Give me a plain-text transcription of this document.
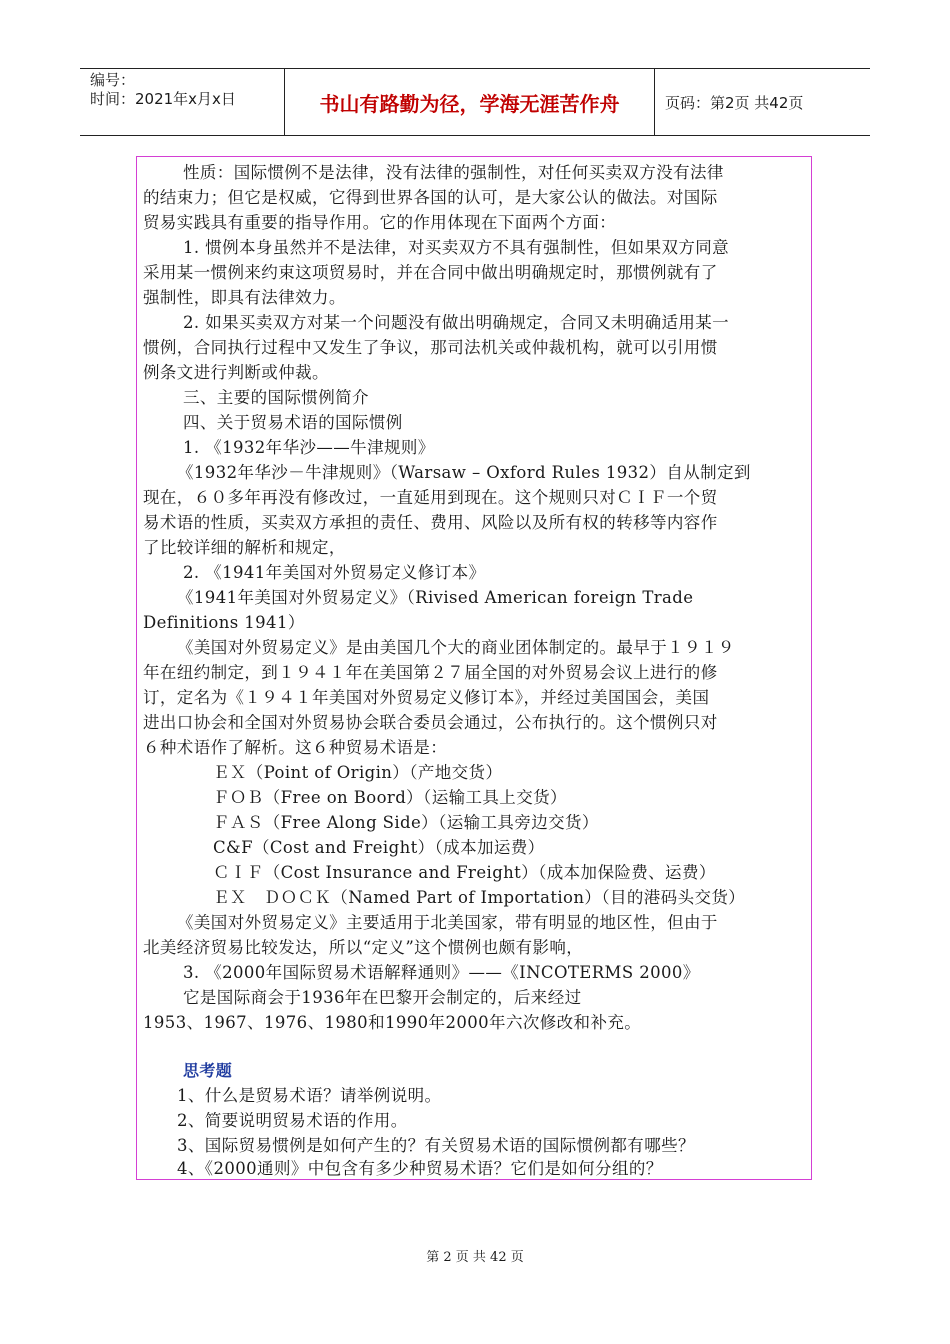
编号：
时间：2021年x月x日	书山有路勤为径，学海无涯苦作舟	页码：第2页 共42页
性质：国际惯例不是法律，没有法律的强制性，对任何买卖双方没有法律
的结束力；但它是权威，它得到世界各国的认可，是大家公认的做法。对国际
贸易实践具有重要的指导作用。它的作用体现在下面两个方面：
1. 惯例本身虽然并不是法律，对买卖双方不具有强制性，但如果双方同意
采用某一惯例来约束这项贸易时，并在合同中做出明确规定时，那惯例就有了
强制性，即具有法律效力。
2. 如果买卖双方对某一个问题没有做出明确规定，合同又未明确适用某一
惯例，合同执行过程中又发生了争议，那司法机关或仲裁机构，就可以引用惯
例条文进行判断或仲裁。
三、主要的国际惯例简介
四、关于贸易术语的国际惯例
1. 《1932年华沙——牛津规则》
《1932年华沙－牛津规则》（Warsaw – Oxford Rules 1932）自从制定到
现在，６０多年再没有修改过，一直延用到现在。这个规则只对ＣＩＦ一个贸
易术语的性质，买卖双方承担的责任、费用、风险以及所有权的转移等内容作
了比较详细的解析和规定，
2. 《1941年美国对外贸易定义修订本》
《1941年美国对外贸易定义》（Rivised American foreign Trade
Definitions 1941）
《美国对外贸易定义》是由美国几个大的商业团体制定的。最早于１９１９
年在纽约制定，到１９４１年在美国第２７届全国的对外贸易会议上进行的修
订，定名为《１９４１年美国对外贸易定义修订本》，并经过美国国会，美国
进出口协会和全国对外贸易协会联合委员会通过，公布执行的。这个惯例只对
６种术语作了解析。这６种贸易术语是：
ＥＸ（Point of Origin）（产地交货）
ＦＯＢ（Free on Boord）（运输工具上交货）
ＦＡＳ（Free Along Side）（运输工具旁边交货）
C&F（Cost and Freight）（成本加运费）
ＣＩＦ（Cost Insurance and Freight）（成本加保险费、运费）
ＥＸ　ＤＯＣＫ（Named Part of Importation）（目的港码头交货）
《美国对外贸易定义》主要适用于北美国家，带有明显的地区性，但由于
北美经济贸易比较发达，所以“定义”这个惯例也颇有影响，
3. 《2000年国际贸易术语解释通则》——《INCOTERMS 2000》
它是国际商会于1936年在巴黎开会制定的，后来经过
1953、1967、1976、1980和1990年2000年六次修改和补充。
思考题
1、什么是贸易术语？请举例说明。
2、简要说明贸易术语的作用。
3、国际贸易惯例是如何产生的？有关贸易术语的国际惯例都有哪些？
4、《2000通则》中包含有多少种贸易术语？它们是如何分组的？
第 2 页 共 42 页
